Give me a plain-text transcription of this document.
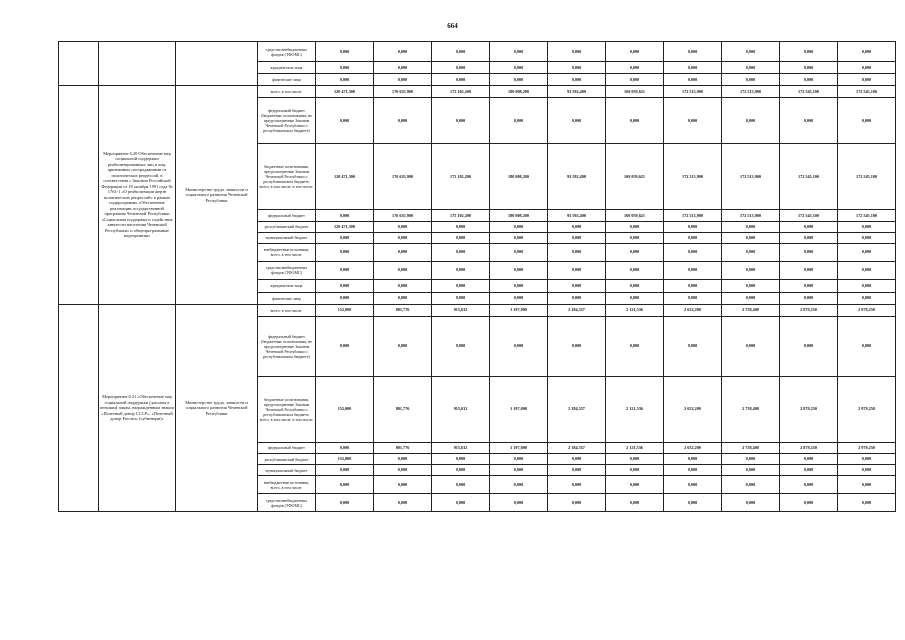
664
			средства внебюджетных фондов (ТФОМС)	0,000	0,000	0,000	0,000	0,000	0,000	0,000	0,000	0,000	0,000	
			юридические лица	0,000	0,000	0,000	0,000	0,000	0,000	0,000	0,000	0,000	0,000	
			физические лица	0,000	0,000	0,000	0,000	0,000	0,000	0,000	0,000	0,000	0,000	
	Мероприятие 6.20 Обеспечение мер социальной поддержки реабилитированных лиц и лиц, признанных пострадавшими от политических репрессий, в соответствии с Законом Российской Федерации от 18 октября 1991 года № 1761-1 «О реабилитации жертв политических репрессий» в рамках подпрограммы «Обеспечение реализации государственной программы Чеченской Республики «Социальная поддержка и содействие занятости населения Чеченской Республики» и общепрограммные мероприятия»	Министерство труда, занятости и социального развития Чеченской Республики	всего, в том числе:	120 471,300	176 635,900	175 102,200	180 008,200	93 592,400	169 059,621	172 513,900	172 513,900	172 545,100	172 545,100	
			федеральный бюджет (бюджетные ассигнования, не предусмотренные Законом Чеченской Республики о республиканском бюджете)	0,000	0,000	0,000	0,000	0,000	0,000	0,000	0,000	0,000	0,000	
			бюджетные ассигнования, предусмотренные Законом Чеченской Республики о республиканском бюджете, всего, в том числе: в том числе:	120 471,300	176 635,900	175 102,200	180 008,200	93 592,400	169 059,621	172 513,900	172 513,900	172 545,100	172 545,100	
			федеральный бюджет	0,000	176 635,900	175 102,200	180 008,200	93 592,400	169 059,621	172 513,900	172 513,900	172 545,100	172 545,100	
			республиканский бюджет	120 471,300	0,000	0,000	0,000	0,000	0,000	0,000	0,000	0,000	0,000	
			муниципальный бюджет	0,000	0,000	0,000	0,000	0,000	0,000	0,000	0,000	0,000	0,000	
			внебюджетные источники, всего, в том числе:	0,000	0,000	0,000	0,000	0,000	0,000	0,000	0,000	0,000	0,000	
			средства внебюджетных фондов (ТФОМС)	0,000	0,000	0,000	0,000	0,000	0,000	0,000	0,000	0,000	0,000	
			юридические лица	0,000	0,000	0,000	0,000	0,000	0,000	0,000	0,000	0,000	0,000	
			физические лица	0,000	0,000	0,000	0,000	0,000	0,000	0,000	0,000	0,000	0,000	
	Мероприятие 6.21 «Обеспечение мер социальной поддержки (доплаты к пенсиям) лицам, награжденным знаком «Почетный донор СССР», «Почетный донор России» (субвенции)»	Министерство труда, занятости и социального развития Чеченской Республики	всего, в том числе:	152,000	801,776	915,632	1 197,000	2 184,357	2 121,536	2 652,200	2 758,400	2 879,250	2 979,250	
			федеральный бюджет (бюджетные ассигнования, не предусмотренные Законом Чеченской Республики о республиканском бюджете)	0,000	0,000	0,000	0,000	0,000	0,000	0,000	0,000	0,000	0,000	
			бюджетные ассигнования, предусмотренные Законом Чеченской Республики о республиканском бюджете, всего, в том числе: в том числе:	152,000	801,776	915,632	1 197,000	2 184,357	2 121,536	2 652,200	2 758,400	2 879,250	2 979,250	
			федеральный бюджет	0,000	801,776	915,632	1 197,000	2 184,357	2 121,536	2 652,200	2 758,400	2 879,250	2 979,250	
			республиканский бюджет	152,000	0,000	0,000	0,000	0,000	0,000	0,000	0,000	0,000	0,000	
			муниципальный бюджет	0,000	0,000	0,000	0,000	0,000	0,000	0,000	0,000	0,000	0,000	
			внебюджетные источники, всего, в том числе:	0,000	0,000	0,000	0,000	0,000	0,000	0,000	0,000	0,000	0,000	
			средства внебюджетных фондов (ТФОМС)	0,000	0,000	0,000	0,000	0,000	0,000	0,000	0,000	0,000	0,000	
